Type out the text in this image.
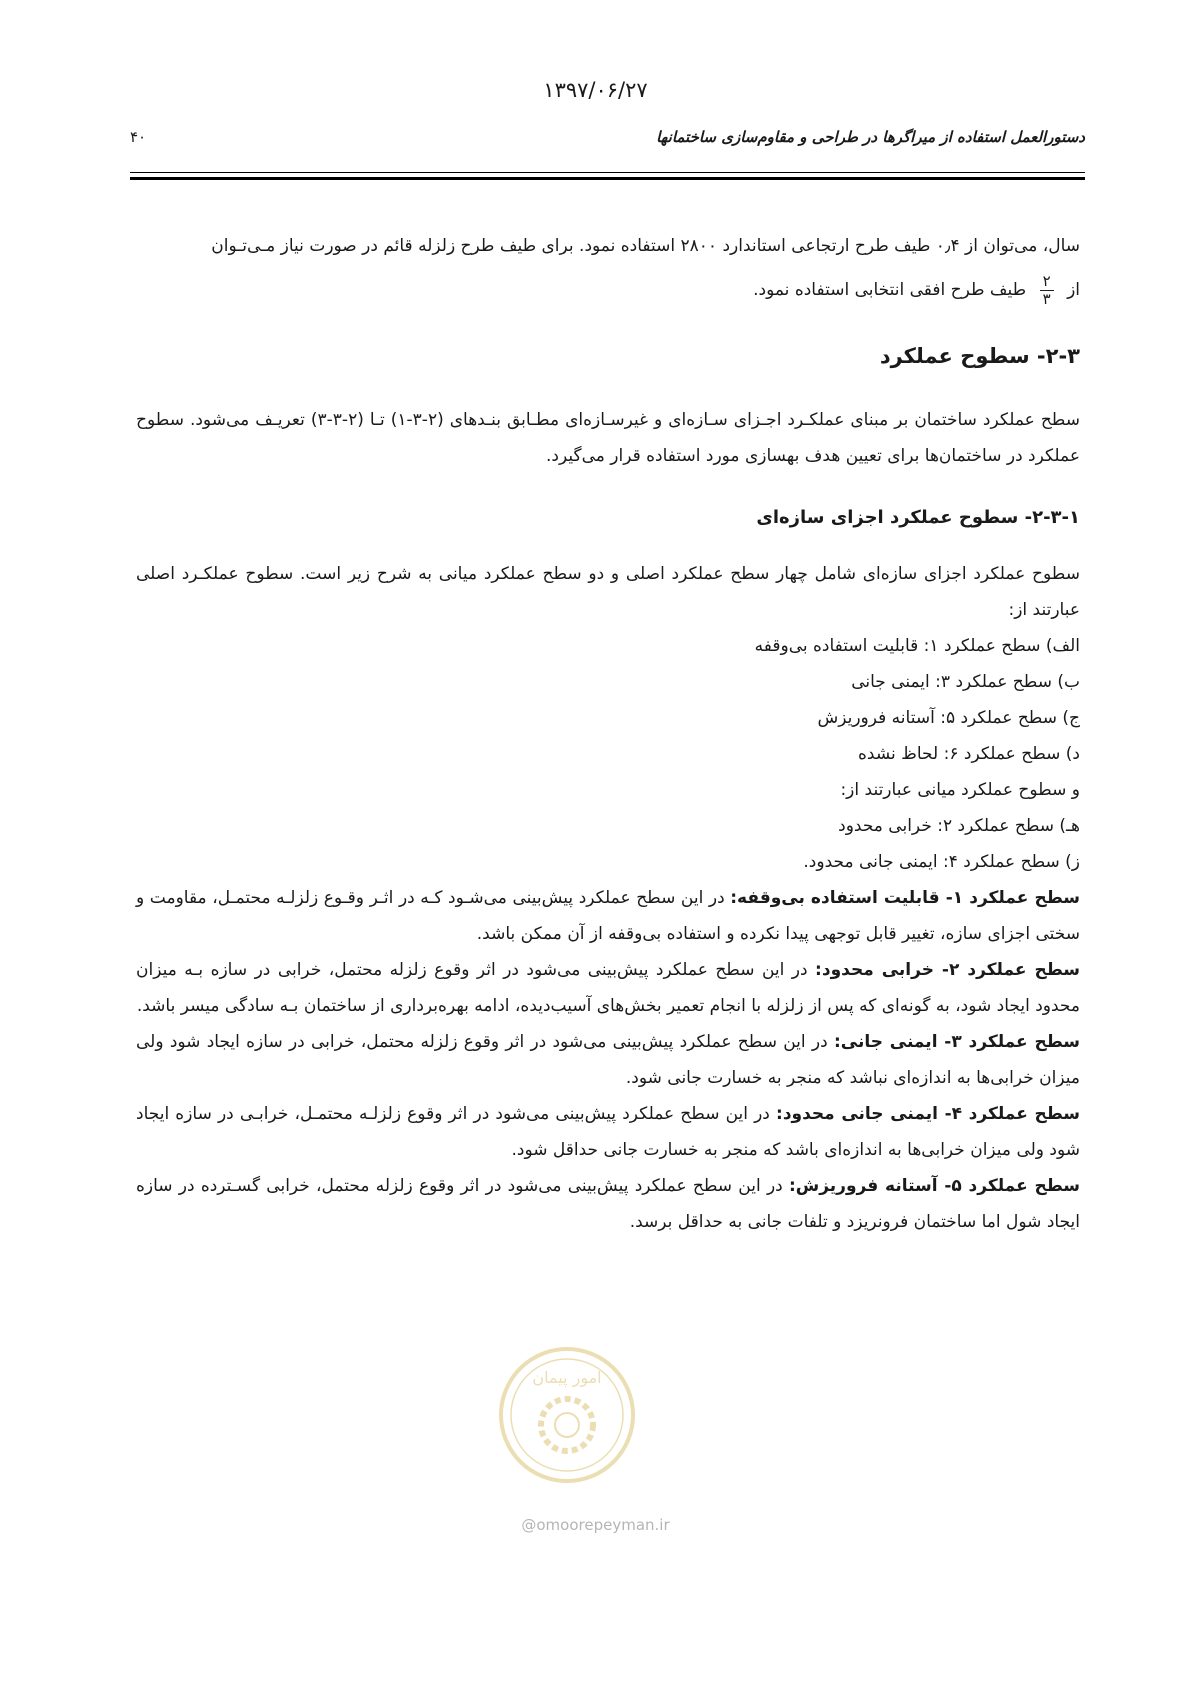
۱۳۹۷/۰۶/۲۷
دستورالعمل استفاده از میراگرها در طراحی و مقاوم‌سازی ساختمانها
۴۰

سال، می‌توان از ۰٫۴ طیف طرح ارتجاعی استاندارد ۲۸۰۰ استفاده نمود. برای طیف طرح زلزله قائم در صورت نیاز مـی‌تـوان

از
$\frac{۲}{۳}$
طیف طرح افقی انتخابی استفاده نمود.

۲-۳- سطوح عملکرد

سطح عملکرد ساختمان بر مبنای عملکـرد اجـزای سـازه‌ای و غیرسـازه‌ای مطـابق بنـدهای (۲-۳-۱) تـا (۲-۳-۳) تعریـف می‌شود. سطوح عملکرد در ساختمان‌ها برای تعیین هدف بهسازی مورد استفاده قرار می‌گیرد.

۲-۳-۱- سطوح عملکرد اجزای سازه‌ای

سطوح عملکرد اجزای سازه‌ای شامل چهار سطح عملکرد اصلی و دو سطح عملکرد میانی به شرح زیر است. سطوح عملکـرد اصلی عبارتند از:

الف) سطح عملکرد ۱: قابلیت استفاده بی‌وقفه

ب) سطح عملکرد ۳: ایمنی جانی

ج) سطح عملکرد ۵: آستانه فروریزش

د) سطح عملکرد ۶: لحاظ نشده

و سطوح عملکرد میانی عبارتند از:

هـ) سطح عملکرد ۲: خرابی محدود

ز) سطح عملکرد ۴: ایمنی جانی محدود.

سطح عملکرد ۱- قابلیت استفاده بی‌وقفه: در این سطح عملکرد پیش‌بینی می‌شـود کـه در اثـر وقـوع زلزلـه محتمـل، مقاومت و سختی اجزای سازه، تغییر قابل توجهی پیدا نکرده و استفاده بی‌وقفه از آن ممکن باشد.

سطح عملکرد ۲- خرابی محدود: در این سطح عملکرد پیش‌بینی می‌شود در اثر وقوع زلزله محتمل، خرابی در سازه بـه میزان محدود ایجاد شود، به گونه‌ای که پس از زلزله با انجام تعمیر بخش‌های آسیب‌دیده، ادامه بهره‌برداری از ساختمان بـه سادگی میسر باشد.

سطح عملکرد ۳- ایمنی جانی: در این سطح عملکرد پیش‌بینی می‌شود در اثر وقوع زلزله محتمل، خرابی در سازه ایجاد شود ولی میزان خرابی‌ها به اندازه‌ای نباشد که منجر به خسارت جانی شود.

سطح عملکرد ۴- ایمنی جانی محدود: در این سطح عملکرد پیش‌بینی می‌شود در اثر وقوع زلزلـه محتمـل، خرابـی در سازه ایجاد شود ولی میزان خرابی‌ها به اندازه‌ای باشد که منجر به خسارت جانی حداقل شود.

سطح عملکرد ۵- آستانه فروریزش: در این سطح عملکرد پیش‌بینی می‌شود در اثر وقوع زلزله محتمل، خرابی گسـترده در سازه ایجاد شول اما ساختمان فرونریزد و تلفات جانی به حداقل برسد.

امور پیمان
@omoorepeyman.ir
